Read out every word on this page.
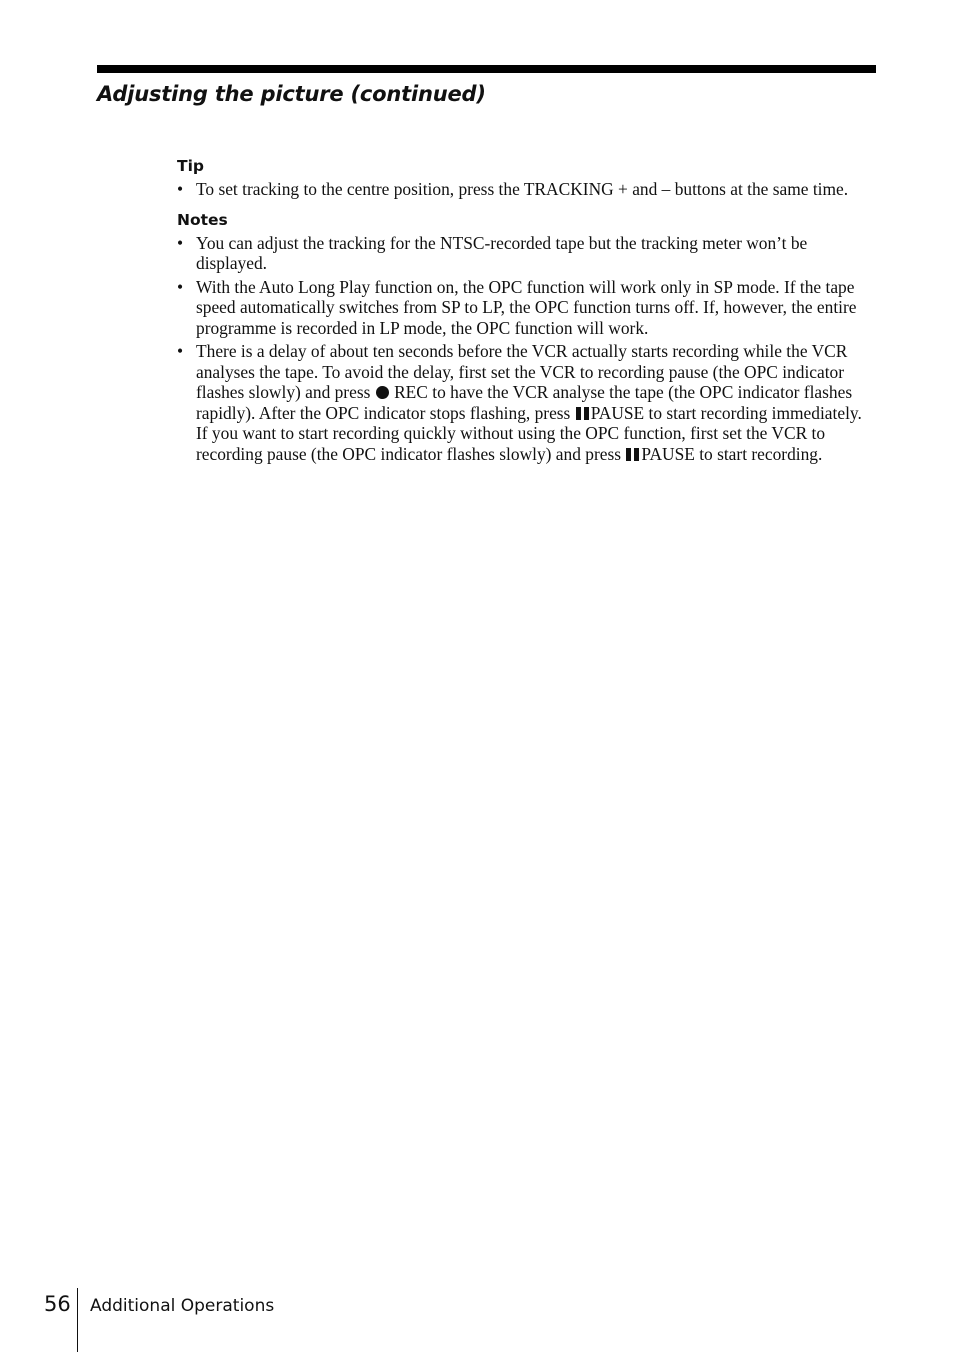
Adjusting the picture (continued)
Tip
• To set tracking to the centre position, press the TRACKING + and – buttons at the same time.
Notes
• You can adjust the tracking for the NTSC-recorded tape but the tracking meter won’t be displayed.
• With the Auto Long Play function on, the OPC function will work only in SP mode. If the tape speed automatically switches from SP to LP, the OPC function turns off. If, however, the entire programme is recorded in LP mode, the OPC function will work.
• There is a delay of about ten seconds before the VCR actually starts recording while the VCR analyses the tape. To avoid the delay, first set the VCR to recording pause (the OPC indicator flashes slowly) and press REC to have the VCR analyse the tape (the OPC indicator flashes rapidly). After the OPC indicator stops flashing, press PAUSE to start recording immediately. If you want to start recording quickly without using the OPC function, first set the VCR to recording pause (the OPC indicator flashes slowly) and press PAUSE to start recording.
56 Additional Operations
